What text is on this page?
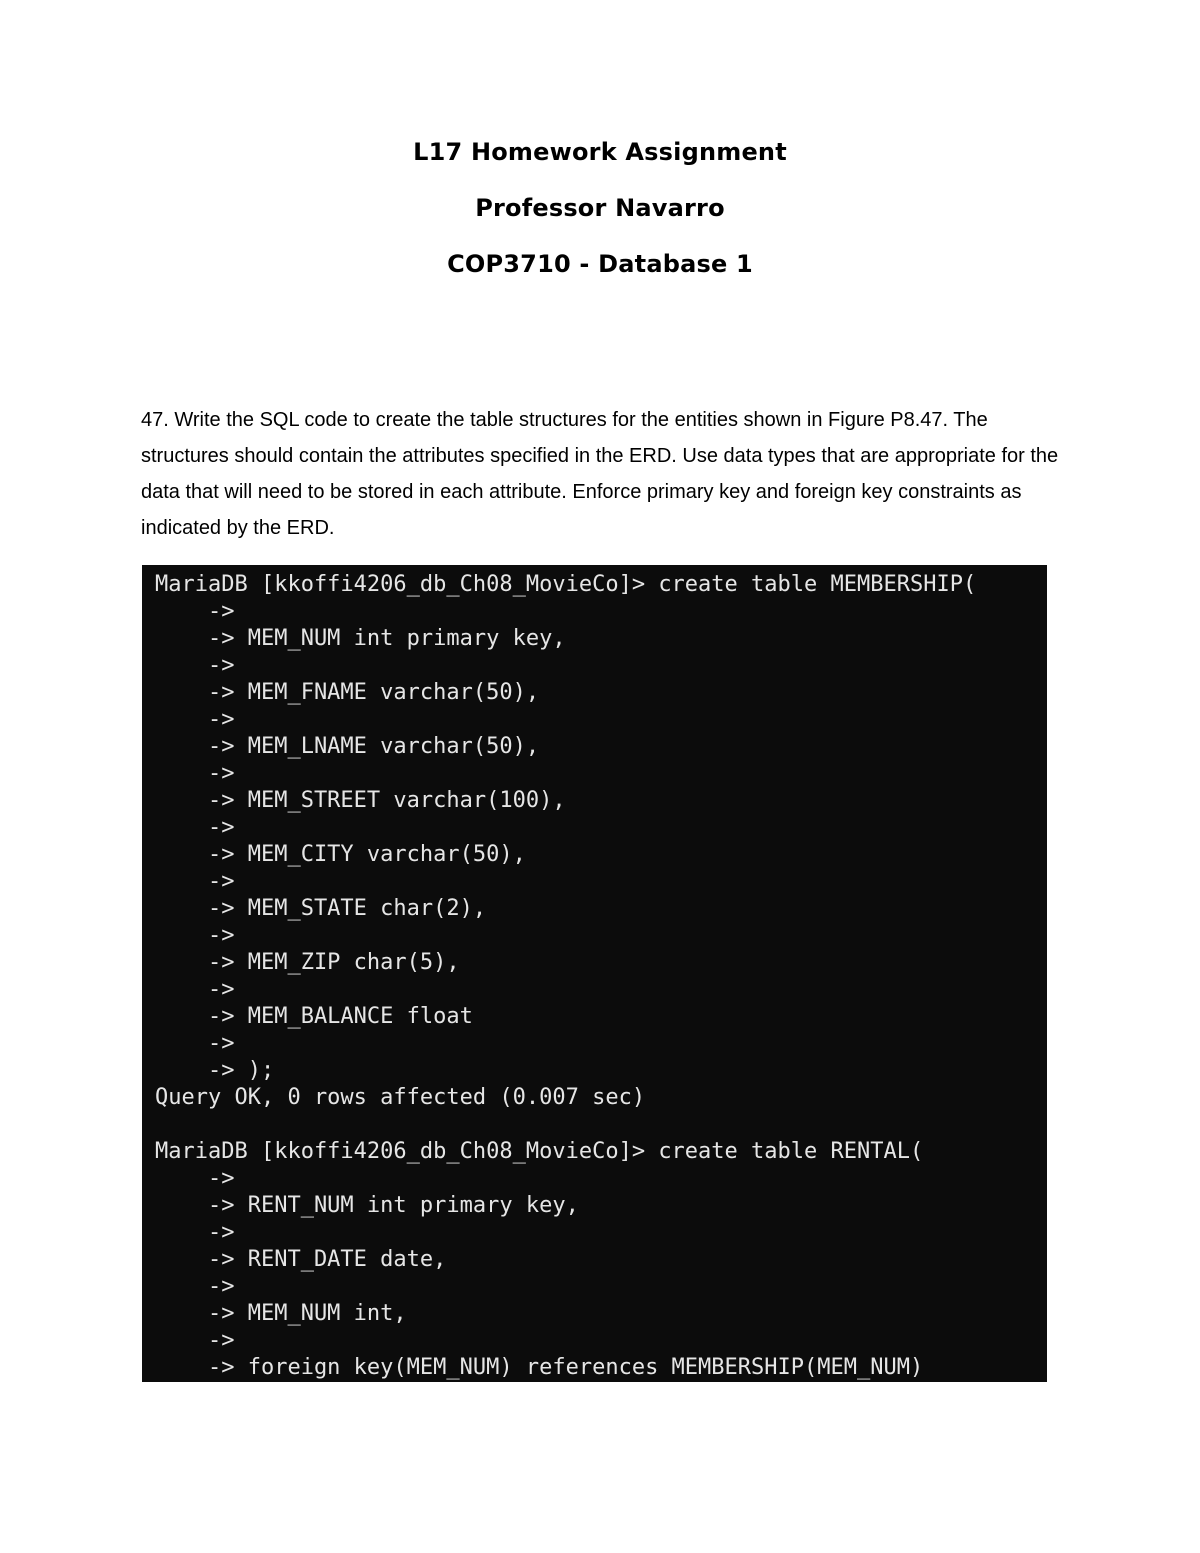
L17 Homework Assignment

Professor Navarro

COP3710 - Database 1

47. Write the SQL code to create the table structures for the entities shown in Figure P8.47. The structures should contain the attributes specified in the ERD. Use data types that are appropriate for the data that will need to be stored in each attribute. Enforce primary key and foreign key constraints as indicated by the ERD.

MariaDB [kkoffi4206_db_Ch08_MovieCo]> create table MEMBERSHIP(
->
-> MEM_NUM int primary key,
->
-> MEM_FNAME varchar(50),
->
-> MEM_LNAME varchar(50),
->
-> MEM_STREET varchar(100),
->
-> MEM_CITY varchar(50),
->
-> MEM_STATE char(2),
->
-> MEM_ZIP char(5),
->
-> MEM_BALANCE float
->
-> );
Query OK, 0 rows affected (0.007 sec)
MariaDB [kkoffi4206_db_Ch08_MovieCo]> create table RENTAL(
->
-> RENT_NUM int primary key,
->
-> RENT_DATE date,
->
-> MEM_NUM int,
->
-> foreign key(MEM_NUM) references MEMBERSHIP(MEM_NUM)
